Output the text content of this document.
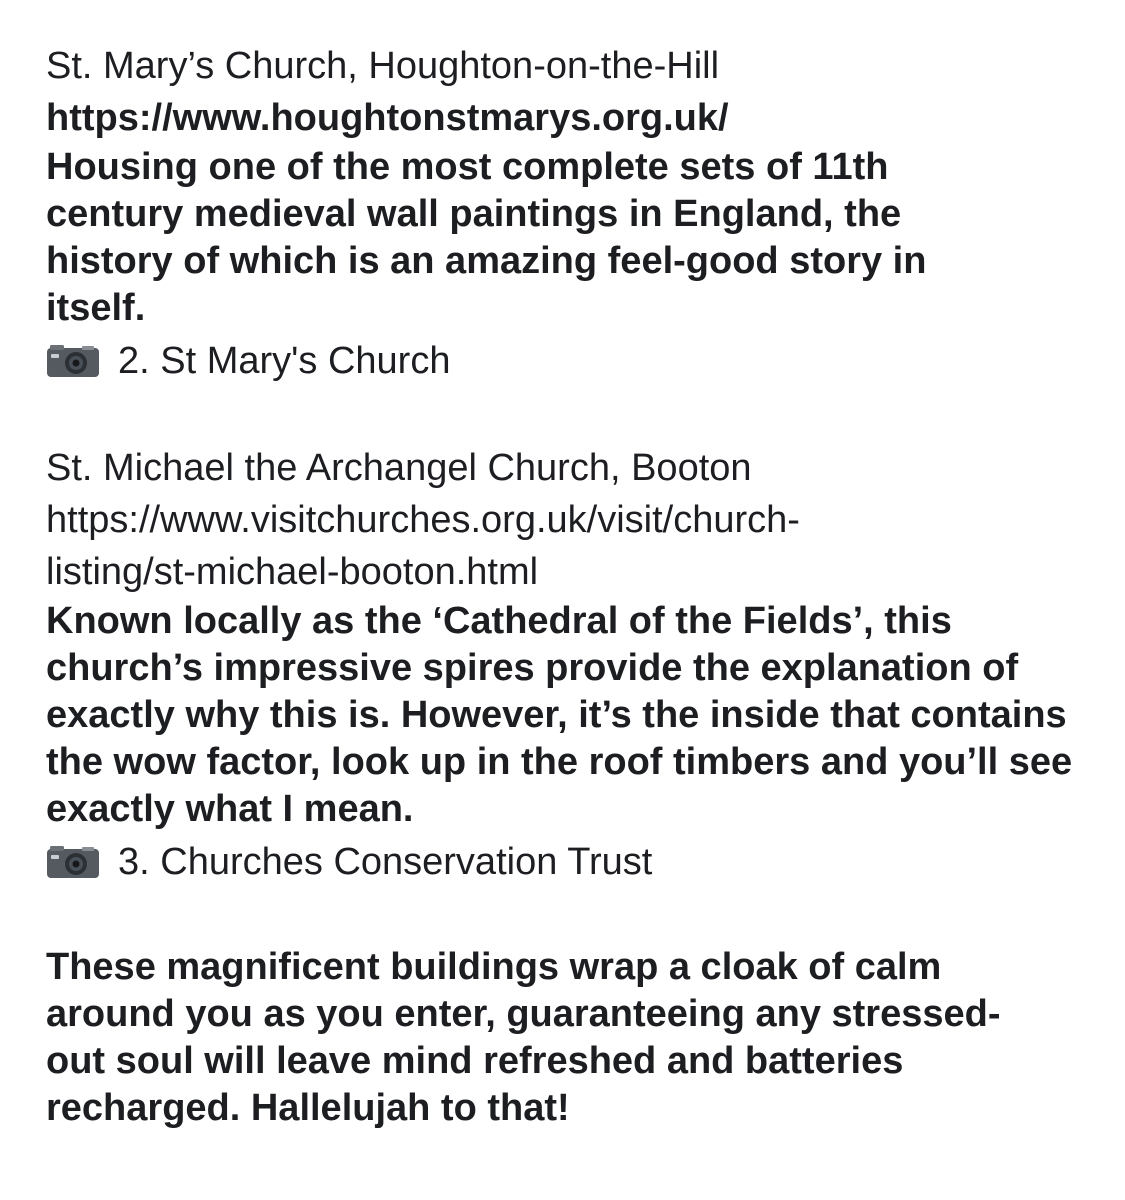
St. Mary’s Church, Houghton-on-the-Hill
https://www.houghtonstmarys.org.uk/
Housing one of the most complete sets of 11th century medieval wall paintings in England, the history of which is an amazing feel-good story in itself.
2. St Mary's Church
St. Michael the Archangel Church, Booton
https://www.visitchurches.org.uk/visit/church-
listing/st-michael-booton.html
Known locally as the ‘Cathedral of the Fields’, this church’s impressive spires provide the explanation of exactly why this is. However, it’s the inside that contains the wow factor, look up in the roof timbers and you’ll see exactly what I mean.
3. Churches Conservation Trust
These magnificent buildings wrap a cloak of calm around you as you enter, guaranteeing any stressed-out soul will leave mind refreshed and batteries recharged. Hallelujah to that!
